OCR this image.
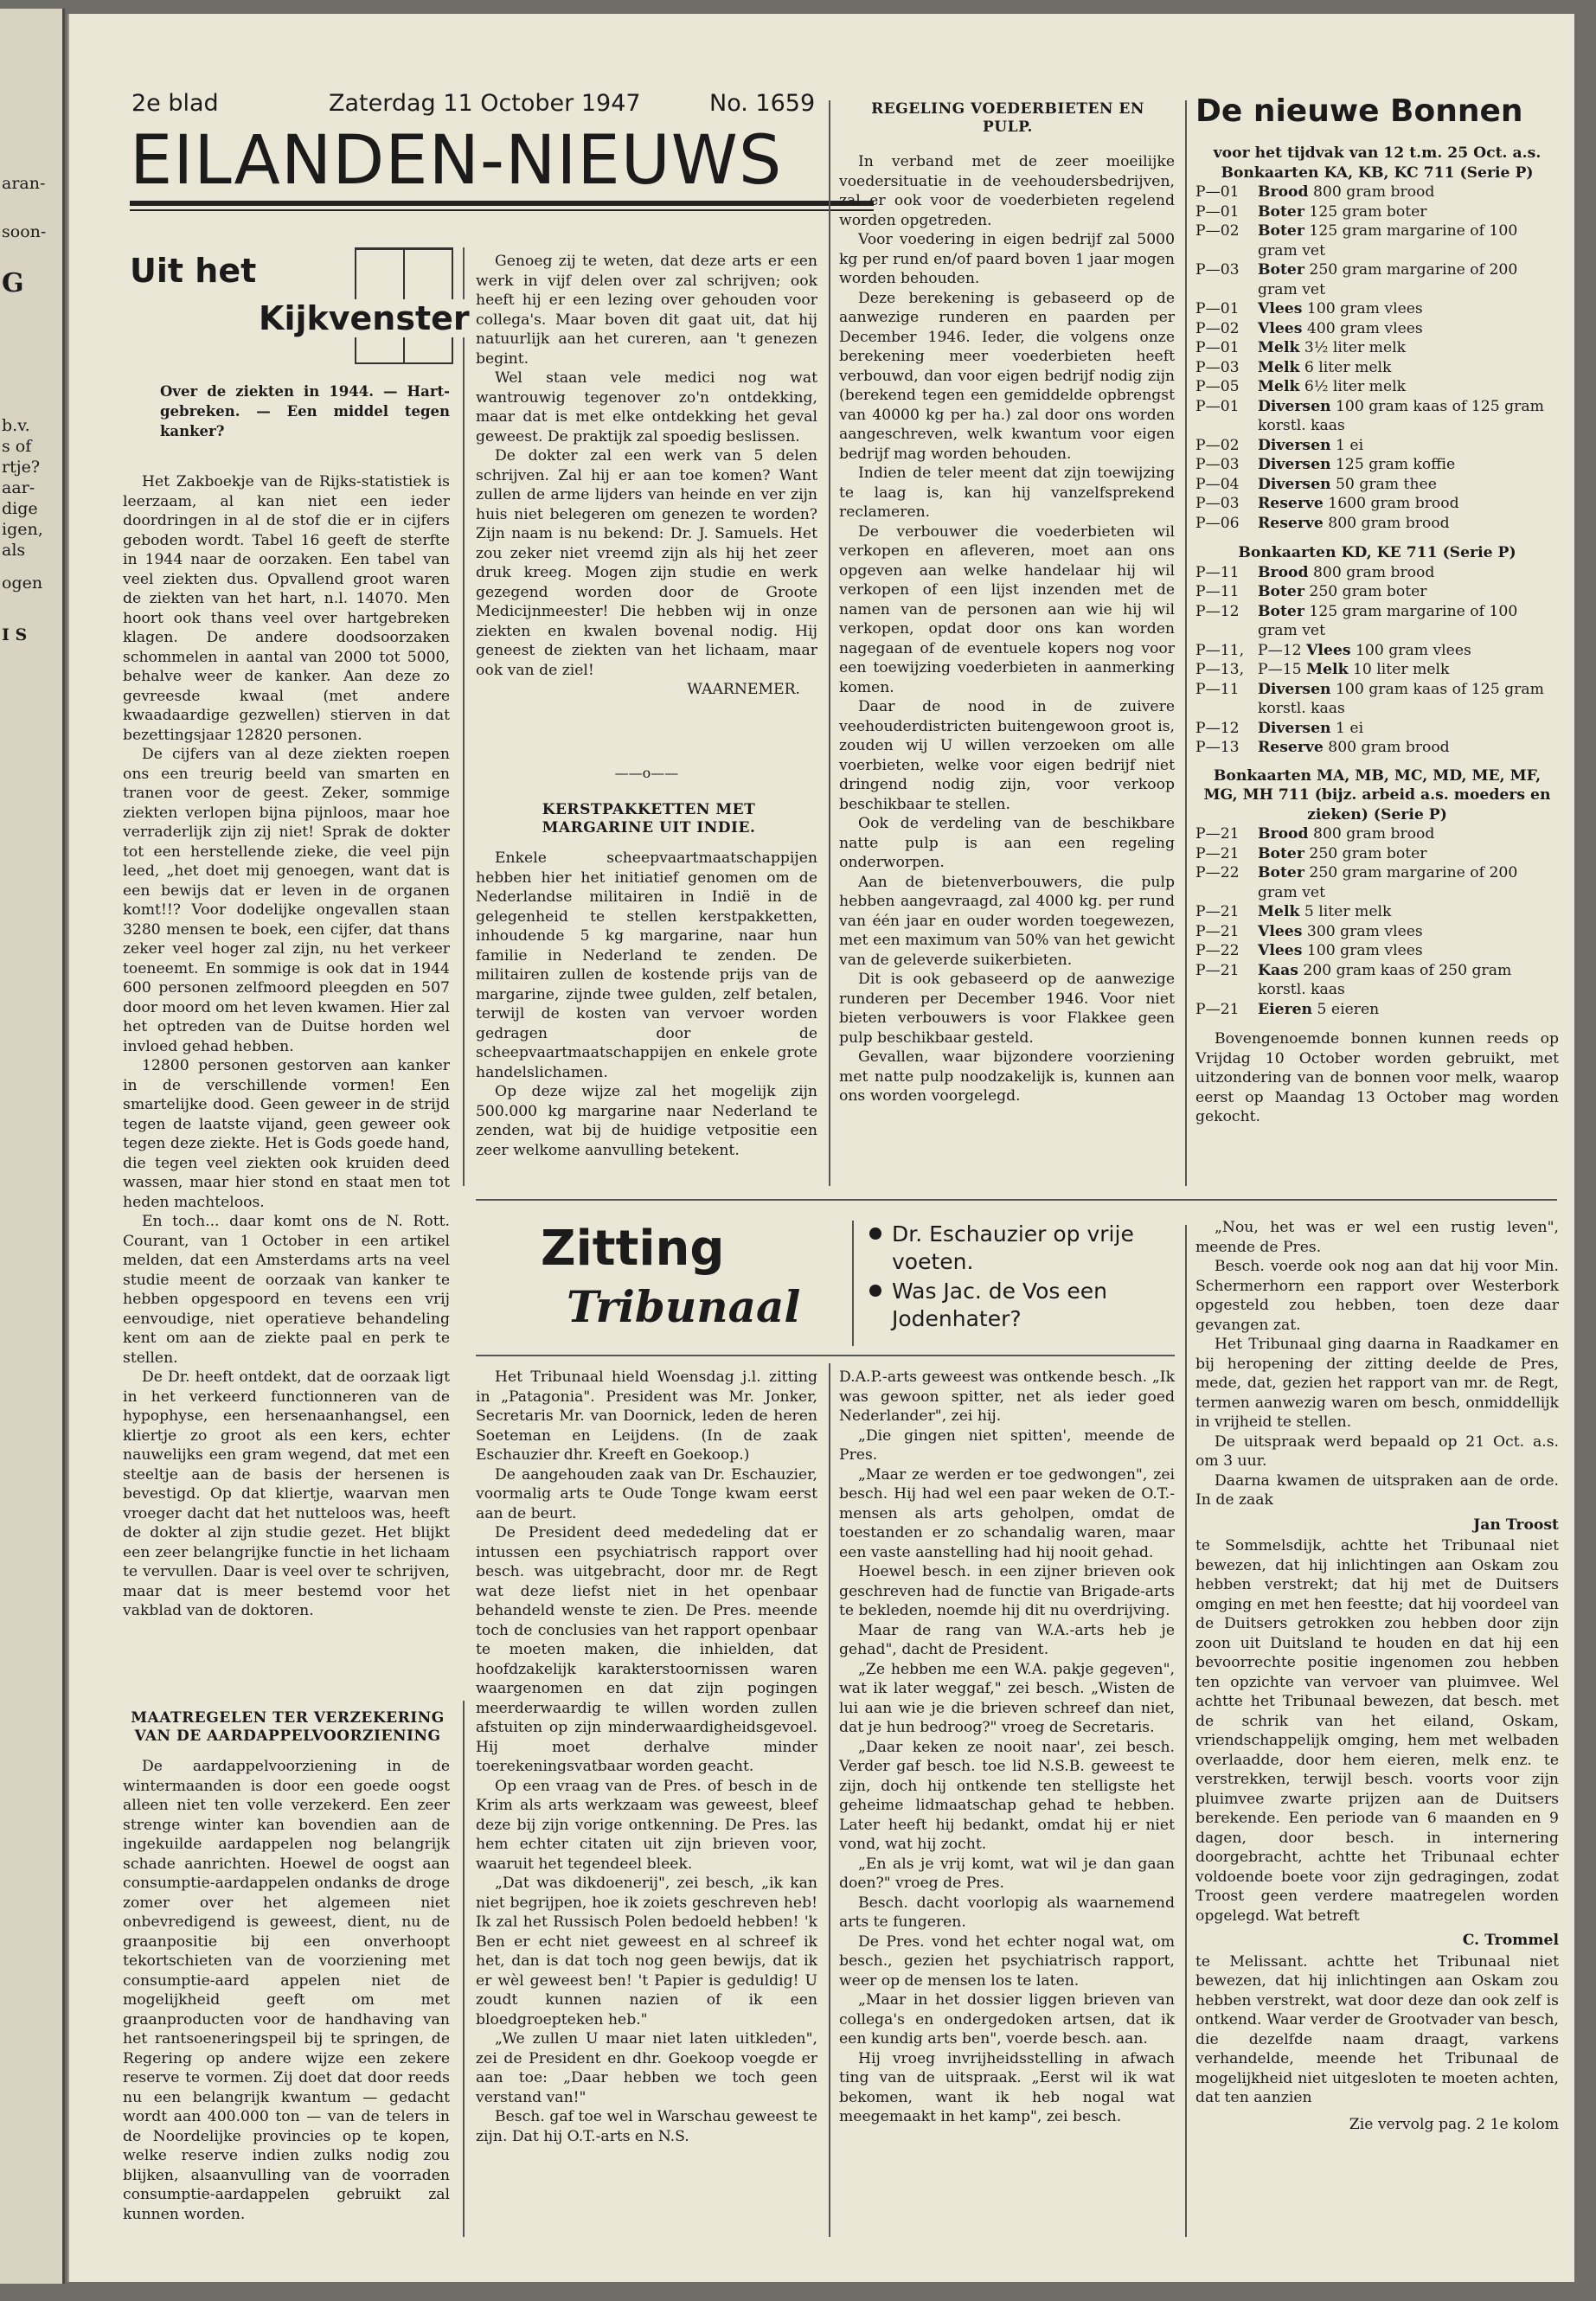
aran-
soon-
G
b.v.
s of
rtje?
aar-
dige
igen,
als
ogen
I S
2e blad	Zaterdag 11 October 1947	No. 1659
EILANDEN-NIEUWS
Uit het
Kijkvenster
Over de ziekten in 1944. — Hart-gebreken. — Een middel tegen kanker?

Het Zakboekje van de Rijks-statistiek is leerzaam, al kan niet een ieder doordringen in al de stof die er in cijfers geboden wordt. Tabel 16 geeft de sterfte in 1944 naar de oorzaken. Een tabel van veel ziekten dus. Opvallend groot waren de ziekten van het hart, n.l. 14070. Men hoort ook thans veel over hartgebreken klagen. De andere doodsoorzaken schommelen in aantal van 2000 tot 5000, behalve weer de kanker. Aan deze zo gevreesde kwaal (met andere kwaadaardige gezwellen) stierven in dat bezettingsjaar 12820 personen.

De cijfers van al deze ziekten roepen ons een treurig beeld van smarten en tranen voor de geest. Zeker, sommige ziekten verlopen bijna pijnloos, maar hoe verraderlijk zijn zij niet! Sprak de dokter tot een herstellende zieke, die veel pijn leed, „het doet mij genoegen, want dat is een bewijs dat er leven in de organen komt!!? Voor dodelijke ongevallen staan 3280 mensen te boek, een cijfer, dat thans zeker veel hoger zal zijn, nu het verkeer toeneemt. En sommige is ook dat in 1944 600 personen zelfmoord pleegden en 507 door moord om het leven kwamen. Hier zal het optreden van de Duitse horden wel invloed gehad hebben.

12800 personen gestorven aan kanker in de verschillende vormen! Een smartelijke dood. Geen geweer in de strijd tegen de laatste vijand, geen geweer ook tegen deze ziekte. Het is Gods goede hand, die tegen veel ziekten ook kruiden deed wassen, maar hier stond en staat men tot heden machteloos.

En toch... daar komt ons de N. Rott. Courant, van 1 October in een artikel melden, dat een Amsterdams arts na veel studie meent de oorzaak van kanker te hebben opgespoord en tevens een vrij eenvoudige, niet operatieve behandeling kent om aan de ziekte paal en perk te stellen.

De Dr. heeft ontdekt, dat de oorzaak ligt in het verkeerd functionneren van de hypophyse, een hersenaanhangsel, een kliertje zo groot als een kers, echter nauwelijks een gram wegend, dat met een steeltje aan de basis der hersenen is bevestigd. Op dat kliertje, waarvan men vroeger dacht dat het nutteloos was, heeft de dokter al zijn studie gezet. Het blijkt een zeer belangrijke functie in het lichaam te vervullen. Daar is veel over te schrijven, maar dat is meer bestemd voor het vakblad van de doktoren.

MAATREGELEN TER VERZEKERING VAN DE AARDAPPELVOORZIENING

De aardappelvoorziening in de wintermaanden is door een goede oogst alleen niet ten volle verzekerd. Een zeer strenge winter kan bovendien aan de ingekuilde aardappelen nog belangrijk schade aanrichten. Hoewel de oogst aan consumptie-aardappelen ondanks de droge zomer over het algemeen niet onbevredigend is geweest, dient, nu de graanpositie bij een onverhoopt tekortschieten van de voorziening met consumptie-aard appelen niet de mogelijkheid geeft om met graanproducten voor de handhaving van het rantsoeneringspeil bij te springen, de Regering op andere wijze een zekere reserve te vormen. Zij doet dat door reeds nu een belangrijk kwantum — gedacht wordt aan 400.000 ton — van de telers in de Noordelijke provincies op te kopen, welke reserve indien zulks nodig zou blijken, alsaanvulling van de voorraden consumptie-aardappelen gebruikt zal kunnen worden.

Genoeg zij te weten, dat deze arts er een werk in vijf delen over zal schrijven; ook heeft hij er een lezing over gehouden voor collega's. Maar boven dit gaat uit, dat hij natuurlijk aan het cureren, aan 't genezen begint.

Wel staan vele medici nog wat wantrouwig tegenover zo'n ontdekking, maar dat is met elke ontdekking het geval geweest. De praktijk zal spoedig beslissen.

De dokter zal een werk van 5 delen schrijven. Zal hij er aan toe komen? Want zullen de arme lijders van heinde en ver zijn huis niet belegeren om genezen te worden? Zijn naam is nu bekend: Dr. J. Samuels. Het zou zeker niet vreemd zijn als hij het zeer druk kreeg. Mogen zijn studie en werk gezegend worden door de Groote Medicijnmeester! Die hebben wij in onze ziekten en kwalen bovenal nodig. Hij geneest de ziekten van het lichaam, maar ook van de ziel!

WAARNEMER.

——o——
KERSTPAKKETTEN MET MARGARINE UIT INDIE.

Enkele scheepvaartmaatschappijen hebben hier het initiatief genomen om de Nederlandse militairen in Indië in de gelegenheid te stellen kerstpakketten, inhoudende 5 kg margarine, naar hun familie in Nederland te zenden. De militairen zullen de kostende prijs van de margarine, zijnde twee gulden, zelf betalen, terwijl de kosten van vervoer worden gedragen door de scheepvaartmaatschappijen en enkele grote handelslichamen.

Op deze wijze zal het mogelijk zijn 500.000 kg margarine naar Nederland te zenden, wat bij de huidige vetpositie een zeer welkome aanvulling betekent.

REGELING VOEDERBIETEN EN PULP.

In verband met de zeer moeilijke voedersituatie in de veehoudersbedrijven, zal er ook voor de voederbieten regelend worden opgetreden.

Voor voedering in eigen bedrijf zal 5000 kg per rund en/of paard boven 1 jaar mogen worden behouden.

Deze berekening is gebaseerd op de aanwezige runderen en paarden per December 1946. Ieder, die volgens onze berekening meer voederbieten heeft verbouwd, dan voor eigen bedrijf nodig zijn (berekend tegen een gemiddelde opbrengst van 40000 kg per ha.) zal door ons worden aangeschreven, welk kwantum voor eigen bedrijf mag worden behouden.

Indien de teler meent dat zijn toewijzing te laag is, kan hij vanzelfsprekend reclameren.

De verbouwer die voederbieten wil verkopen en afleveren, moet aan ons opgeven aan welke handelaar hij wil verkopen of een lijst inzenden met de namen van de personen aan wie hij wil verkopen, opdat door ons kan worden nagegaan of de eventuele kopers nog voor een toewijzing voederbieten in aanmerking komen.

Daar de nood in de zuivere veehouderdistricten buitengewoon groot is, zouden wij U willen verzoeken om alle voerbieten, welke voor eigen bedrijf niet dringend nodig zijn, voor verkoop beschikbaar te stellen.

Ook de verdeling van de beschikbare natte pulp is aan een regeling onderworpen.

Aan de bietenverbouwers, die pulp hebben aangevraagd, zal 4000 kg. per rund van één jaar en ouder worden toegewezen, met een maximum van 50% van het gewicht van de geleverde suikerbieten.

Dit is ook gebaseerd op de aanwezige runderen per December 1946. Voor niet bieten verbouwers is voor Flakkee geen pulp beschikbaar gesteld.

Gevallen, waar bijzondere voorziening met natte pulp noodzakelijk is, kunnen aan ons worden voorgelegd.

De nieuwe Bonnen
voor het tijdvak van 12 t.m. 25 Oct. a.s.
Bonkaarten KA, KB, KC 711 (Serie P)
P—01	Brood 800 gram brood
P—01	Boter 125 gram boter
P—02	Boter 125 gram margarine of 100 gram vet
P—03	Boter 250 gram margarine of 200 gram vet
P—01	Vlees 100 gram vlees
P—02	Vlees 400 gram vlees
P—01	Melk 3½ liter melk
P—03	Melk 6 liter melk
P—05	Melk 6½ liter melk
P—01	Diversen 100 gram kaas of 125 gram korstl. kaas
P—02	Diversen 1 ei
P—03	Diversen 125 gram koffie
P—04	Diversen 50 gram thee
P—03	Reserve 1600 gram brood
P—06	Reserve 800 gram brood
Bonkaarten KD, KE 711 (Serie P)
P—11	Brood 800 gram brood
P—11	Boter 250 gram boter
P—12	Boter 125 gram margarine of 100 gram vet
P—11, P—12 Vlees 100 gram vlees
P—13, P—15 Melk 10 liter melk
P—11	Diversen 100 gram kaas of 125 gram korstl. kaas
P—12	Diversen 1 ei
P—13	Reserve 800 gram brood
Bonkaarten MA, MB, MC, MD, ME, MF, MG, MH 711 (bijz. arbeid a.s. moeders en zieken) (Serie P)
P—21	Brood 800 gram brood
P—21	Boter 250 gram boter
P—22	Boter 250 gram margarine of 200 gram vet
P—21	Melk 5 liter melk
P—21	Vlees 300 gram vlees
P—22	Vlees 100 gram vlees
P—21	Kaas 200 gram kaas of 250 gram korstl. kaas
P—21	Eieren 5 eieren
Bovengenoemde bonnen kunnen reeds op Vrijdag 10 October worden gebruikt, met uitzondering van de bonnen voor melk, waarop eerst op Maandag 13 October mag worden gekocht.
Zitting
Tribunaal
Dr. Eschauzier op vrije voeten.
Was Jac. de Vos een Jodenhater?

Het Tribunaal hield Woensdag j.l. zitting in „Patagonia". President was Mr. Jonker, Secretaris Mr. van Doornick, leden de heren Soeteman en Leijdens. (In de zaak Eschauzier dhr. Kreeft en Goekoop.)

De aangehouden zaak van Dr. Eschauzier, voormalig arts te Oude Tonge kwam eerst aan de beurt.

De President deed mededeling dat er intussen een psychiatrisch rapport over besch. was uitgebracht, door mr. de Regt wat deze liefst niet in het openbaar behandeld wenste te zien. De Pres. meende toch de conclusies van het rapport openbaar te moeten maken, die inhielden, dat hoofdzakelijk karakterstoornissen waren waargenomen en dat zijn pogingen meerderwaardig te willen worden zullen afstuiten op zijn minderwaardigheidsgevoel. Hij moet derhalve minder toerekeningsvatbaar worden geacht.

Op een vraag van de Pres. of besch in de Krim als arts werkzaam was geweest, bleef deze bij zijn vorige ontkenning. De Pres. las hem echter citaten uit zijn brieven voor, waaruit het tegendeel bleek.

„Dat was dikdoenerij", zei besch, „ik kan niet begrijpen, hoe ik zoiets geschreven heb! Ik zal het Russisch Polen bedoeld hebben! 'k Ben er echt niet geweest en al schreef ik het, dan is dat toch nog geen bewijs, dat ik er wèl geweest ben! 't Papier is geduldig! U zoudt kunnen nazien of ik een bloedgroepteken heb."

„We zullen U maar niet laten uitkleden", zei de President en dhr. Goekoop voegde er aan toe: „Daar hebben we toch geen verstand van!"

Besch. gaf toe wel in Warschau geweest te zijn. Dat hij O.T.-arts en N.S.

D.A.P.-arts geweest was ontkende besch. „Ik was gewoon spitter, net als ieder goed Nederlander", zei hij.

„Die gingen niet spitten', meende de Pres.

„Maar ze werden er toe gedwongen", zei besch. Hij had wel een paar weken de O.T.-mensen als arts geholpen, omdat de toestanden er zo schandalig waren, maar een vaste aanstelling had hij nooit gehad.

Hoewel besch. in een zijner brieven ook geschreven had de functie van Brigade-arts te bekleden, noemde hij dit nu overdrijving.

Maar de rang van W.A.-arts heb je gehad", dacht de President.

„Ze hebben me een W.A. pakje gegeven", wat ik later weggaf," zei besch. „Wisten de lui aan wie je die brieven schreef dan niet, dat je hun bedroog?" vroeg de Secretaris.

„Daar keken ze nooit naar', zei besch. Verder gaf besch. toe lid N.S.B. geweest te zijn, doch hij ontkende ten stelligste het geheime lidmaatschap gehad te hebben. Later heeft hij bedankt, omdat hij er niet vond, wat hij zocht.

„En als je vrij komt, wat wil je dan gaan doen?" vroeg de Pres.

Besch. dacht voorlopig als waarnemend arts te fungeren.

De Pres. vond het echter nogal wat, om besch., gezien het psychiatrisch rapport, weer op de mensen los te laten.

„Maar in het dossier liggen brieven van collega's en ondergedoken artsen, dat ik een kundig arts ben", voerde besch. aan.

Hij vroeg invrijheidsstelling in afwach ting van de uitspraak. „Eerst wil ik wat bekomen, want ik heb nogal wat meegemaakt in het kamp", zei besch.

„Nou, het was er wel een rustig leven", meende de Pres.

Besch. voerde ook nog aan dat hij voor Min. Schermerhorn een rapport over Westerbork opgesteld zou hebben, toen deze daar gevangen zat.

Het Tribunaal ging daarna in Raadkamer en bij heropening der zitting deelde de Pres, mede, dat, gezien het rapport van mr. de Regt, termen aanwezig waren om besch, onmiddellijk in vrijheid te stellen.

De uitspraak werd bepaald op 21 Oct. a.s. om 3 uur.

Daarna kwamen de uitspraken aan de orde. In de zaak

Jan Troost

te Sommelsdijk, achtte het Tribunaal niet bewezen, dat hij inlichtingen aan Oskam zou hebben verstrekt; dat hij met de Duitsers omging en met hen feestte; dat hij voordeel van de Duitsers getrokken zou hebben door zijn zoon uit Duitsland te houden en dat hij een bevoorrechte positie ingenomen zou hebben ten opzichte van vervoer van pluimvee. Wel achtte het Tribunaal bewezen, dat besch. met de schrik van het eiland, Oskam, vriendschappelijk omging, hem met welbaden overlaadde, door hem eieren, melk enz. te verstrekken, terwijl besch. voorts voor zijn pluimvee zwarte prijzen aan de Duitsers berekende. Een periode van 6 maanden en 9 dagen, door besch. in internering doorgebracht, achtte het Tribunaal echter voldoende boete voor zijn gedragingen, zodat Troost geen verdere maatregelen worden opgelegd. Wat betreft

C. Trommel

te Melissant. achtte het Tribunaal niet bewezen, dat hij inlichtingen aan Oskam zou hebben verstrekt, wat door deze dan ook zelf is ontkend. Waar verder de Grootvader van besch, die dezelfde naam draagt, varkens verhandelde, meende het Tribunaal de mogelijkheid niet uitgesloten te moeten achten, dat ten aanzien

Zie vervolg pag. 2 1e kolom
